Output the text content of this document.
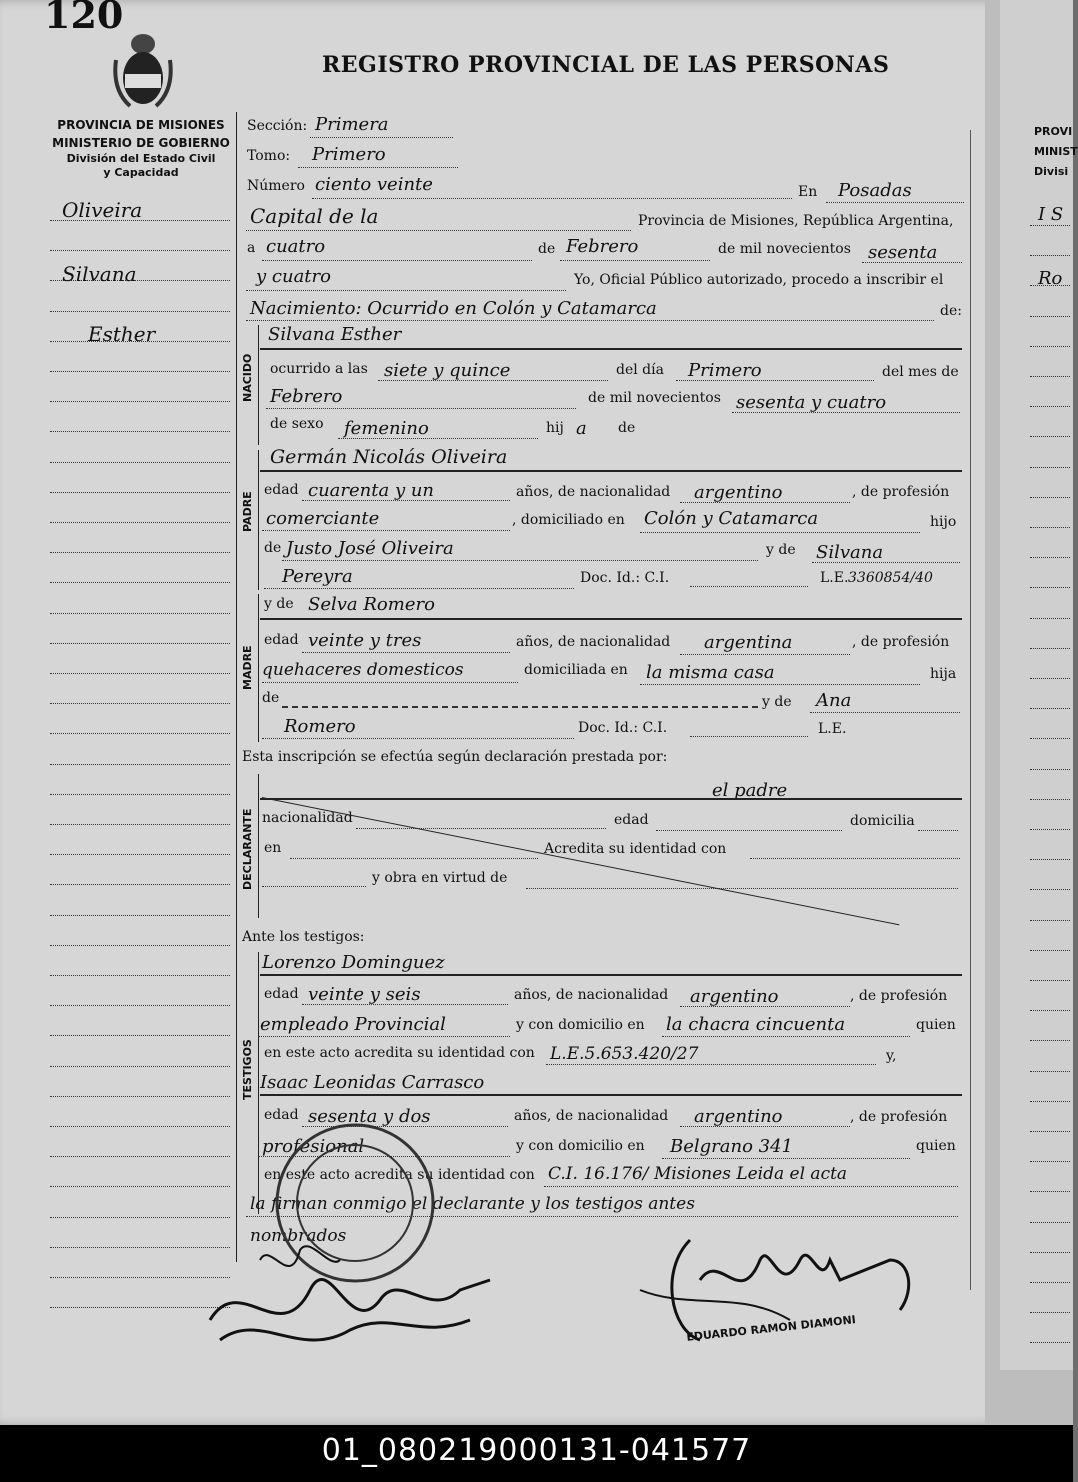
120
REGISTRO PROVINCIAL DE LAS PERSONAS
PROVINCIA DE MISIONES
MINISTERIO DE GOBIERNO
División del Estado Civil
y Capacidad
Oliveira
Silvana
Esther
Sección: Primera
Tomo: Primero
Número ciento veinte	En Posadas
Capital de la	Provincia de Misiones, República Argentina,
a cuatro	de Febrero	de mil novecientos sesenta
y cuatro	Yo, Oficial Público autorizado, procedo a inscribir el
Nacimiento: Ocurrido en Colón y Catamarca	de:
NACIDO
Silvana Esther
ocurrido a las siete y quince	del día Primero	del mes de
Febrero	de mil novecientos sesenta y cuatro
de sexo femenino	hij a de
PADRE
Germán Nicolás Oliveira
edad cuarenta y un	años, de nacionalidad argentino	, de profesión
comerciante	, domiciliado en Colón y Catamarca	hijo
de Justo José Oliveira	y de Silvana
Pereyra	Doc. Id.: C.I.	L.E. 3360854/40
MADRE
y de Selva Romero
edad veinte y tres	años, de nacionalidad argentina	, de profesión
quehaceres domesticos	domiciliada en la misma casa	hija
de	y de Ana
Romero	Doc. Id.: C.I.	L.E.
Esta inscripción se efectúa según declaración prestada por:
DECLARANTE
el padre
nacionalidad	edad	domicilia
en	Acredita su identidad con
y obra en virtud de
Ante los testigos:
TESTIGOS
Lorenzo Dominguez
edad veinte y seis	años, de nacionalidad argentino	, de profesión
empleado Provincial	y con domicilio en la chacra cincuenta	quien
en este acto acredita su identidad con L.E.5.653.420/27	y,
Isaac Leonidas Carrasco
edad sesenta y dos	años, de nacionalidad argentino	, de profesión
profesional	y con domicilio en Belgrano 341	quien
en este acto acredita su identidad con C.I. 16.176/ Misiones Leida el acta
la firman conmigo el declarante y los testigos antes
nombrados
EDUARDO RAMON DIAMONI
PROVI
MINIST
Divisi
I S
Ro
01_080219000131-041577
